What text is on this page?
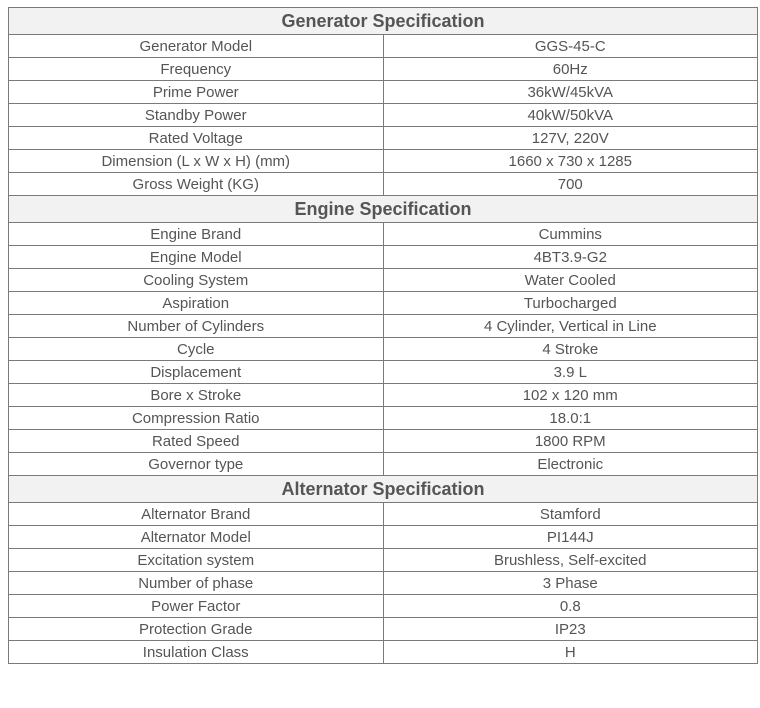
Generator Specification	
Generator Model	GGS-45-C
Frequency	60Hz
Prime Power	36kW/45kVA
Standby Power	40kW/50kVA
Rated Voltage	127V, 220V
Dimension (L x W x H) (mm)	1660 x 730 x 1285
Gross Weight (KG)	700
Engine Specification	
Engine Brand	Cummins
Engine Model	4BT3.9-G2
Cooling System	Water Cooled
Aspiration	Turbocharged
Number of Cylinders	4 Cylinder, Vertical in Line
Cycle	4 Stroke
Displacement	3.9 L
Bore x Stroke	102 x 120 mm
Compression Ratio	18.0:1
Rated Speed	1800 RPM
Governor type	Electronic
Alternator Specification	
Alternator Brand	Stamford
Alternator Model	PI144J
Excitation system	Brushless, Self-excited
Number of phase	3 Phase
Power Factor	0.8
Protection Grade	IP23
Insulation Class	H
